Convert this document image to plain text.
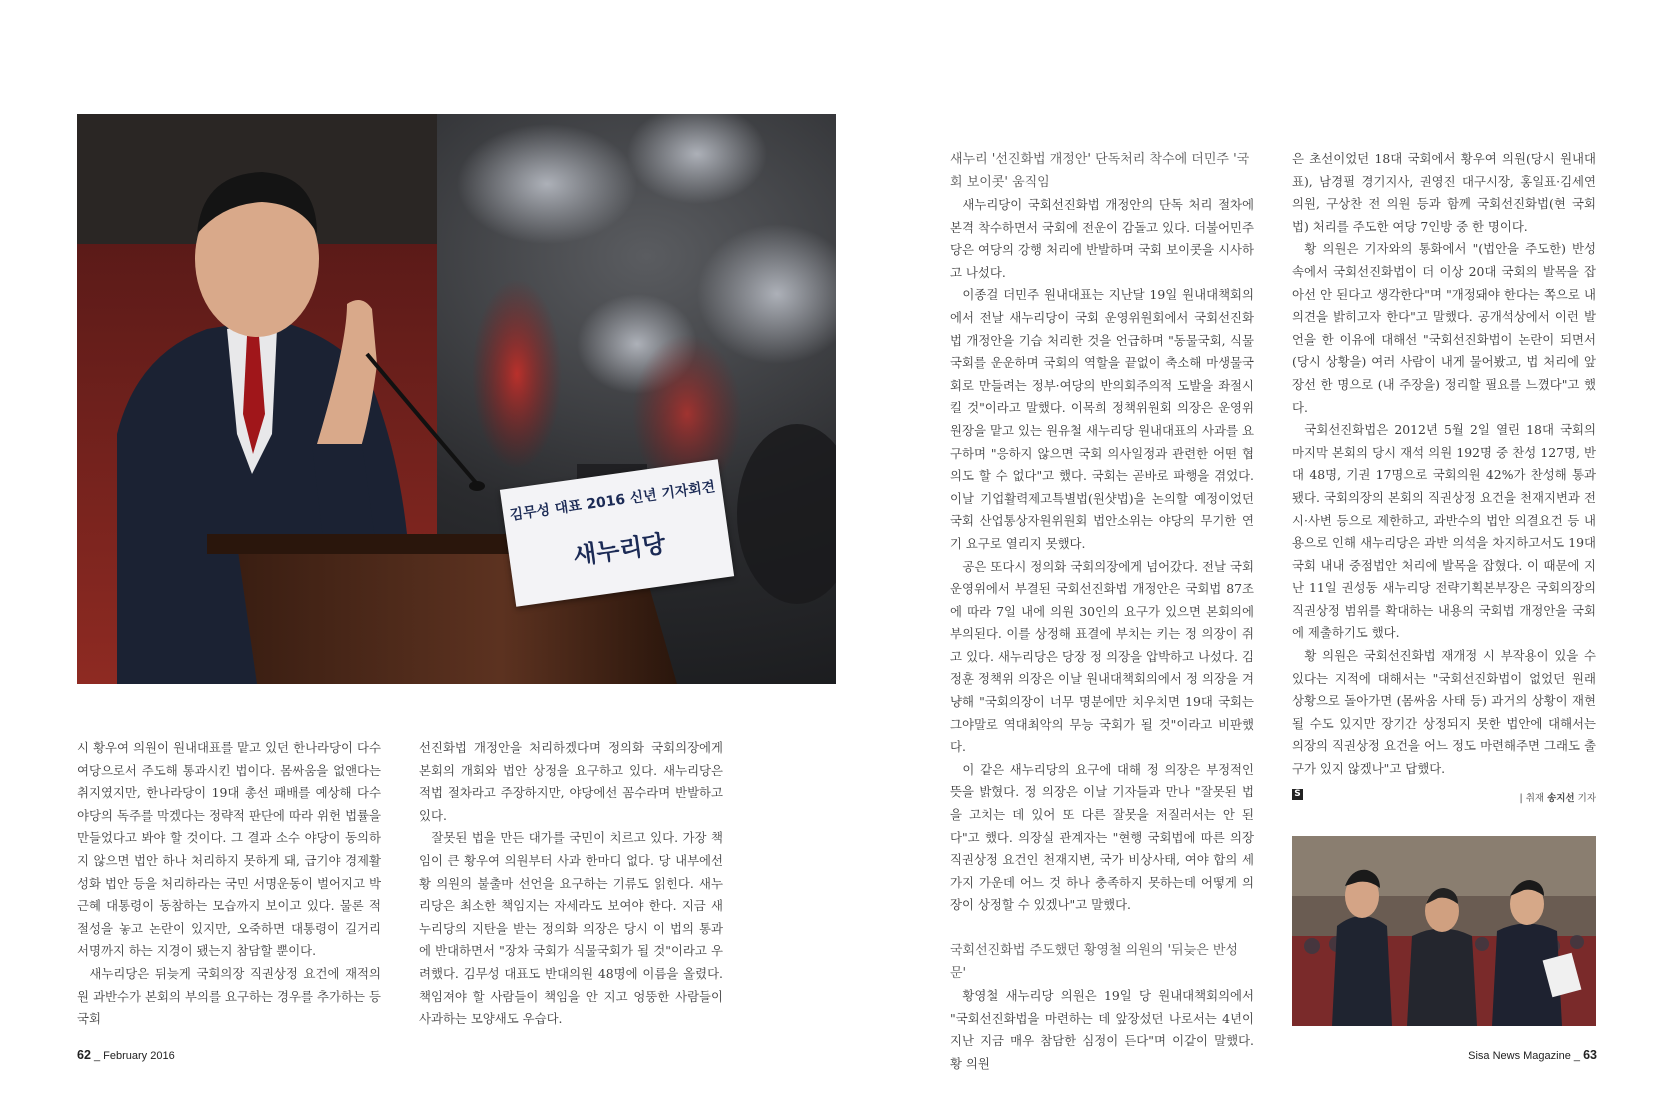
김무성 대표 2016 신년 기자회견
새누리당

시 황우여 의원이 원내대표를 맡고 있던 한나라당이 다수 여당으로서 주도해 통과시킨 법이다. 몸싸움을 없앤다는 취지였지만, 한나라당이 19대 총선 패배를 예상해 다수 야당의 독주를 막겠다는 정략적 판단에 따라 위헌 법률을 만들었다고 봐야 할 것이다. 그 결과 소수 야당이 동의하지 않으면 법안 하나 처리하지 못하게 돼, 급기야 경제활성화 법안 등을 처리하라는 국민 서명운동이 벌어지고 박근혜 대통령이 동참하는 모습까지 보이고 있다. 물론 적절성을 놓고 논란이 있지만, 오죽하면 대통령이 길거리 서명까지 하는 지경이 됐는지 참담할 뿐이다.

새누리당은 뒤늦게 국회의장 직권상정 요건에 재적의원 과반수가 본회의 부의를 요구하는 경우를 추가하는 등 국회

선진화법 개정안을 처리하겠다며 정의화 국회의장에게 본회의 개회와 법안 상정을 요구하고 있다. 새누리당은 적법 절차라고 주장하지만, 야당에선 꼼수라며 반발하고 있다.

잘못된 법을 만든 대가를 국민이 치르고 있다. 가장 책임이 큰 황우여 의원부터 사과 한마디 없다. 당 내부에선 황 의원의 불출마 선언을 요구하는 기류도 읽힌다. 새누리당은 최소한 책임지는 자세라도 보여야 한다. 지금 새누리당의 지탄을 받는 정의화 의장은 당시 이 법의 통과에 반대하면서 "장차 국회가 식물국회가 될 것"이라고 우려했다. 김무성 대표도 반대의원 48명에 이름을 올렸다. 책임져야 할 사람들이 책임을 안 지고 엉뚱한 사람들이 사과하는 모양새도 우습다.

62 _ February 2016
새누리 '선진화법 개정안' 단독처리 착수에 더민주 '국회 보이콧' 움직임

새누리당이 국회선진화법 개정안의 단독 처리 절차에 본격 착수하면서 국회에 전운이 감돌고 있다. 더불어민주당은 여당의 강행 처리에 반발하며 국회 보이콧을 시사하고 나섰다.

이종걸 더민주 원내대표는 지난달 19일 원내대책회의에서 전날 새누리당이 국회 운영위원회에서 국회선진화법 개정안을 기습 처리한 것을 언급하며 "동물국회, 식물국회를 운운하며 국회의 역할을 끝없이 축소해 마생물국회로 만들려는 정부·여당의 반의회주의적 도발을 좌절시킬 것"이라고 말했다. 이목희 정책위원회 의장은 운영위원장을 맡고 있는 원유철 새누리당 원내대표의 사과를 요구하며 "응하지 않으면 국회 의사일정과 관련한 어떤 협의도 할 수 없다"고 했다. 국회는 곧바로 파행을 겪었다. 이날 기업활력제고특별법(원샷법)을 논의할 예정이었던 국회 산업통상자원위원회 법안소위는 야당의 무기한 연기 요구로 열리지 못했다.

공은 또다시 정의화 국회의장에게 넘어갔다. 전날 국회 운영위에서 부결된 국회선진화법 개정안은 국회법 87조에 따라 7일 내에 의원 30인의 요구가 있으면 본회의에 부의된다. 이를 상정해 표결에 부치는 키는 정 의장이 쥐고 있다. 새누리당은 당장 정 의장을 압박하고 나섰다. 김정훈 정책위 의장은 이날 원내대책회의에서 정 의장을 겨냥해 "국회의장이 너무 명분에만 치우치면 19대 국회는 그야말로 역대최악의 무능 국회가 될 것"이라고 비판했다.

이 같은 새누리당의 요구에 대해 정 의장은 부정적인 뜻을 밝혔다. 정 의장은 이날 기자들과 만나 "잘못된 법을 고치는 데 있어 또 다른 잘못을 저질러서는 안 된다"고 했다. 의장실 관계자는 "현행 국회법에 따른 의장 직권상정 요건인 천재지변, 국가 비상사태, 여야 합의 세 가지 가운데 어느 것 하나 충족하지 못하는데 어떻게 의장이 상정할 수 있겠나"고 말했다.

국회선진화법 주도했던 황영철 의원의 '뒤늦은 반성문'

황영철 새누리당 의원은 19일 당 원내대책회의에서 "국회선진화법을 마련하는 데 앞장섰던 나로서는 4년이 지난 지금 매우 참담한 심정이 든다"며 이같이 말했다. 황 의원

은 초선이었던 18대 국회에서 황우여 의원(당시 원내대표), 남경필 경기지사, 권영진 대구시장, 홍일표·김세연 의원, 구상찬 전 의원 등과 함께 국회선진화법(현 국회법) 처리를 주도한 여당 7인방 중 한 명이다.

황 의원은 기자와의 통화에서 "(법안을 주도한) 반성 속에서 국회선진화법이 더 이상 20대 국회의 발목을 잡아선 안 된다고 생각한다"며 "개정돼야 한다는 쪽으로 내 의견을 밝히고자 한다"고 말했다. 공개석상에서 이런 발언을 한 이유에 대해선 "국회선진화법이 논란이 되면서 (당시 상황을) 여러 사람이 내게 물어봤고, 법 처리에 앞장선 한 명으로 (내 주장을) 정리할 필요를 느꼈다"고 했다.

국회선진화법은 2012년 5월 2일 열린 18대 국회의 마지막 본회의 당시 재석 의원 192명 중 찬성 127명, 반대 48명, 기권 17명으로 국회의원 42%가 찬성해 통과됐다. 국회의장의 본회의 직권상정 요건을 천재지변과 전시·사변 등으로 제한하고, 과반수의 법안 의결요건 등 내용으로 인해 새누리당은 과반 의석을 차지하고서도 19대 국회 내내 중점법안 처리에 발목을 잡혔다. 이 때문에 지난 11일 권성동 새누리당 전략기획본부장은 국회의장의 직권상정 범위를 확대하는 내용의 국회법 개정안을 국회에 제출하기도 했다.

황 의원은 국회선진화법 재개정 시 부작용이 있을 수 있다는 지적에 대해서는 "국회선진화법이 없었던 원래 상황으로 돌아가면 (몸싸움 사태 등) 과거의 상황이 재현될 수도 있지만 장기간 상정되지 못한 법안에 대해서는 의장의 직권상정 요건을 어느 정도 마련해주면 그래도 출구가 있지 않겠나"고 답했다.

S	| 취재 송지선 기자
Sisa News Magazine _ 63
